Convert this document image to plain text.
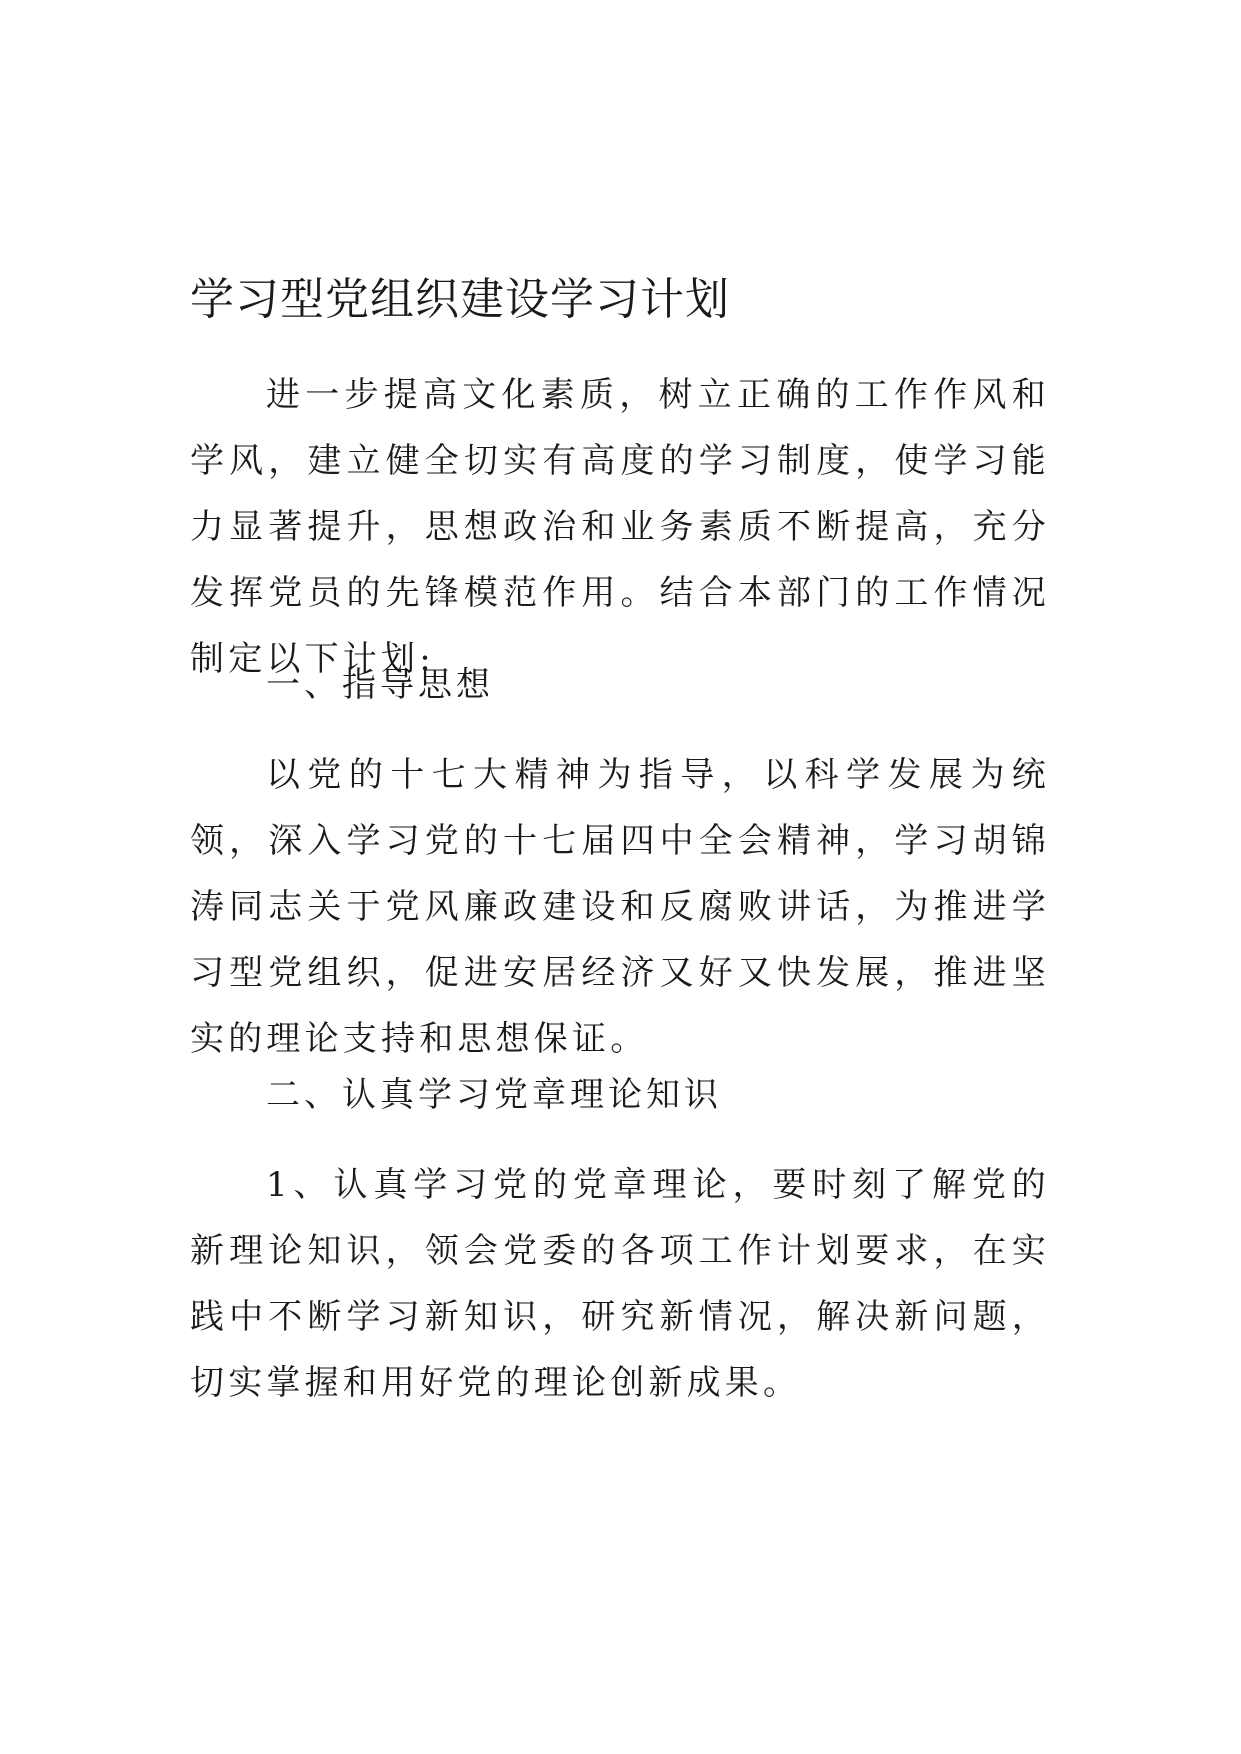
学习型党组织建设学习计划

进一步提高文化素质，树立正确的工作作风和学风，建立健全切实有高度的学习制度，使学习能力显著提升，思想政治和业务素质不断提高，充分发挥党员的先锋模范作用。结合本部门的工作情况制定以下计划:

一、指导思想

以党的十七大精神为指导，以科学发展为统领，深入学习党的十七届四中全会精神，学习胡锦涛同志关于党风廉政建设和反腐败讲话，为推进学习型党组织，促进安居经济又好又快发展，推进坚实的理论支持和思想保证。

二、认真学习党章理论知识

1、认真学习党的党章理论，要时刻了解党的新理论知识，领会党委的各项工作计划要求，在实践中不断学习新知识，研究新情况，解决新问题，切实掌握和用好党的理论创新成果。
